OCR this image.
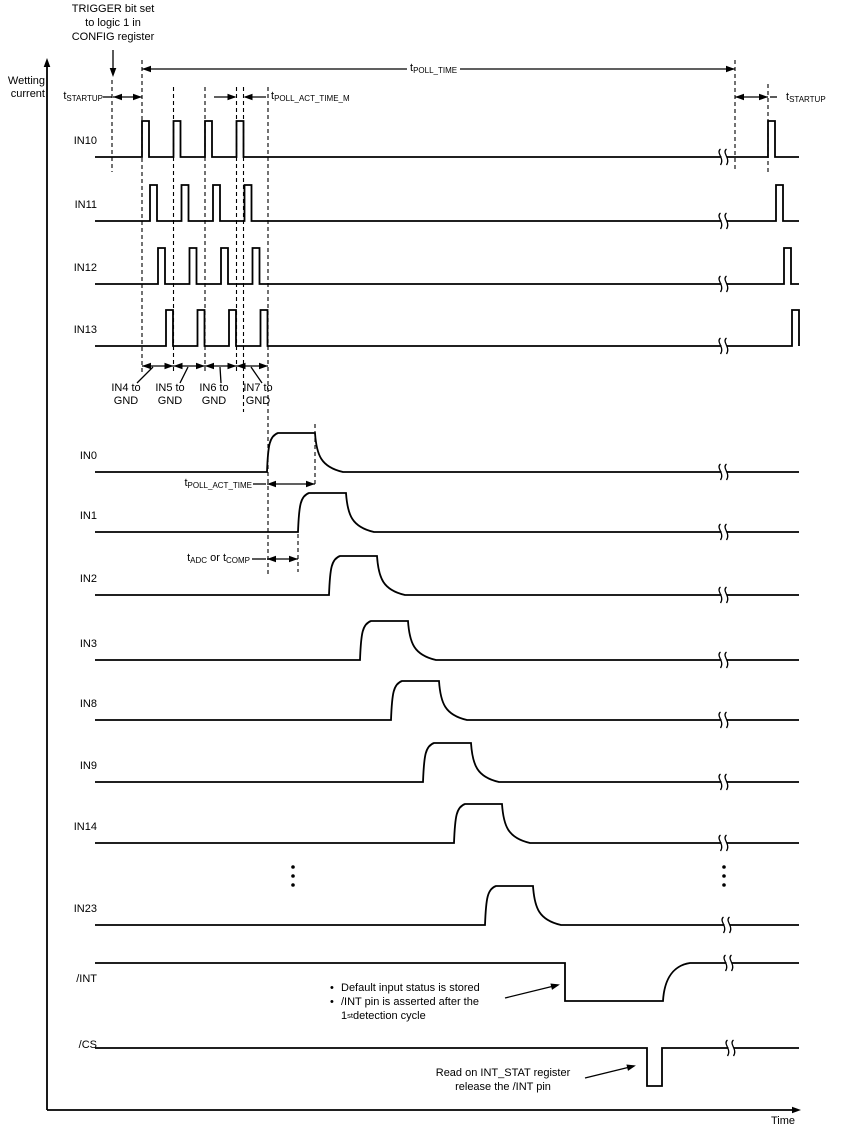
TRIGGER bit set
to logic 1 in
CONFIG register
Wetting
current	$t_{STARTUP}$
$t_{POLL\_TIME}$
$t_{POLL\_ACT\_TIME\_M}$
$t_{POLL\_ACT\_TIME}$
$t_{ADC}$ or $t_{COMP}$
$t_{STARTUP}$
IN4 to
GND
IN5 to
GND
IN6 to
GND
IN7 to
GND
IN10
IN11
IN12
IN13
IN0
IN1
IN2
IN3
IN8
IN9
IN14
IN23
/INT
/CS
• Default input status is stored
• /INT pin is asserted after the
1 st detection cycle
Read on INT_STAT register
release the /INT pin
Time
